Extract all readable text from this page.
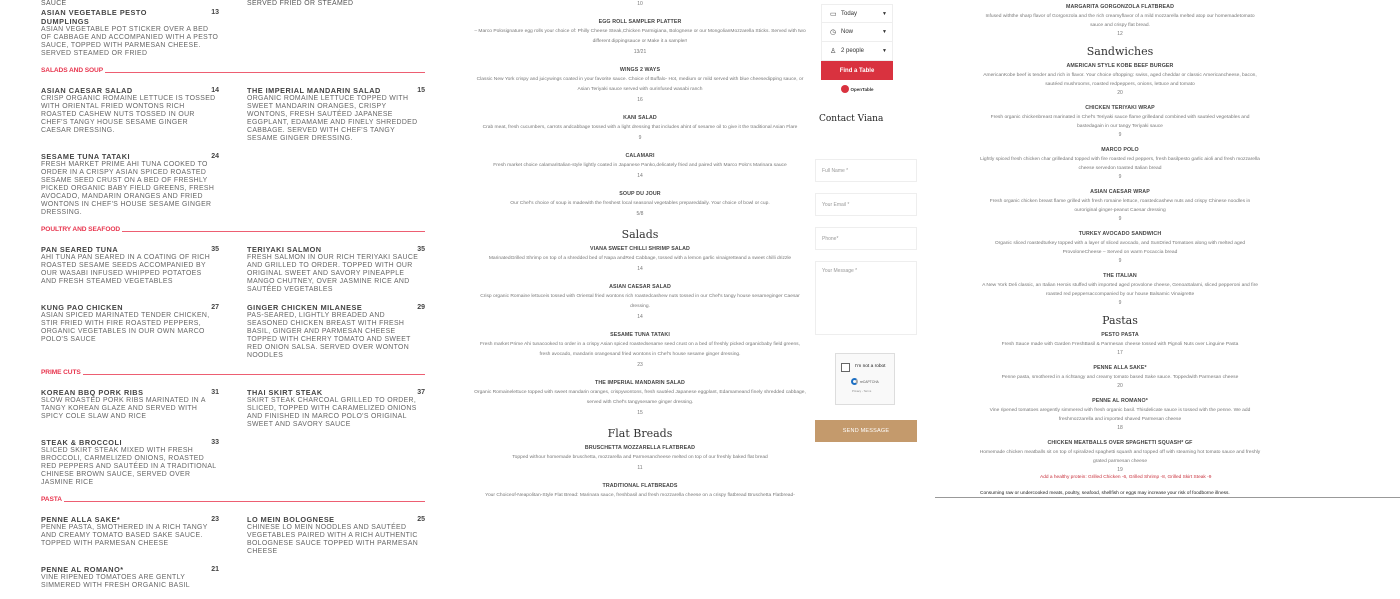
SAUCE	SERVED FRIED OR STEAMED
ASIAN VEGETABLE PESTO DUMPLINGS
13
ASIAN VEGETABLE POT STICKER OVER A BED OF CABBAGE AND ACCOMPANIED WITH A PESTO SAUCE, TOPPED WITH PARMESAN CHEESE. SERVED STEAMED OR FRIED
SALADS AND SOUP
ASIAN CAESAR SALAD	14
CRISP ORGANIC ROMAINE LETTUCE IS TOSSED WITH ORIENTAL FRIED WONTONS RICH ROASTED CASHEW NUTS TOSSED IN OUR CHEF'S TANGY HOUSE SESAME GINGER CAESAR DRESSING.
THE IMPERIAL MANDARIN SALAD	15
ORGANIC ROMAINE LETTUCE TOPPED WITH SWEET MANDARIN ORANGES, CRISPY WONTONS, FRESH SAUTÉED JAPANESE EGGPLANT, EDAMAME AND FINELY SHREDDED CABBAGE. SERVED WITH CHEF'S TANGY SESAME GINGER DRESSING.
SESAME TUNA TATAKI	24
FRESH MARKET PRIME AHI TUNA COOKED TO ORDER IN A CRISPY ASIAN SPICED ROASTED SESAME SEED CRUST ON A BED OF FRESHLY PICKED ORGANIC BABY FIELD GREENS, FRESH AVOCADO, MANDARIN ORANGES AND FRIED WONTONS IN CHEF'S HOUSE SESAME GINGER DRESSING.
POULTRY AND SEAFOOD
PAN SEARED TUNA	35
AHI TUNA PAN SEARED IN A COATING OF RICH ROASTED SESAME SEEDS ACCOMPANIED BY OUR WASABI INFUSED WHIPPED POTATOES AND FRESH STEAMED VEGETABLES
TERIYAKI SALMON	35
FRESH SALMON IN OUR RICH TERIYAKI SAUCE AND GRILLED TO ORDER. TOPPED WITH OUR ORIGINAL SWEET AND SAVORY PINEAPPLE MANGO CHUTNEY, OVER JASMINE RICE AND SAUTÉED VEGETABLES
KUNG PAO CHICKEN	27
ASIAN SPICED MARINATED TENDER CHICKEN, STIR FRIED WITH FIRE ROASTED PEPPERS, ORGANIC VEGETABLES IN OUR OWN MARCO POLO'S SAUCE
GINGER CHICKEN MILANESE	29
PAS-SEARED, LIGHTLY BREADED AND SEASONED CHICKEN BREAST WITH FRESH BASIL, GINGER AND PARMESAN CHEESE TOPPED WITH CHERRY TOMATO AND SWEET RED ONION SALSA. SERVED OVER WONTON NOODLES
PRIME CUTS
KOREAN BBQ PORK RIBS	31
SLOW ROASTED PORK RIBS MARINATED IN A TANGY KOREAN GLAZE AND SERVED WITH SPICY COLE SLAW AND RICE
THAI SKIRT STEAK	37
SKIRT STEAK CHARCOAL GRILLED TO ORDER, SLICED, TOPPED WITH CARAMELIZED ONIONS AND FINISHED IN MARCO POLO'S ORIGINAL SWEET AND SAVORY SAUCE
STEAK & BROCCOLI	33
SLICED SKIRT STEAK MIXED WITH FRESH BROCCOLI, CARMELIZED ONIONS, ROASTED RED PEPPERS AND SAUTÉED IN A TRADITIONAL CHINESE BROWN SAUCE, SERVED OVER JASMINE RICE
PASTA
PENNE ALLA SAKE*	23
PENNE PASTA, SMOTHERED IN A RICH TANGY AND CREAMY TOMATO BASED SAKE SAUCE. TOPPED WITH PARMESAN CHEESE
LO MEIN BOLOGNESE	25
CHINESE LO MEIN NOODLES AND SAUTÉED VEGETABLES PAIRED WITH A RICH AUTHENTIC BOLOGNESE SAUCE TOPPED WITH PARMESAN CHEESE
PENNE AL ROMANO*	21
VINE RIPENED TOMATOES ARE GENTLY SIMMERED WITH FRESH ORGANIC BASIL
10
EGG ROLL SAMPLER PLATTER
– Marco Polosignature egg rolls your choice of: Philly Cheese Steak,Chicken Parmigiana, Bolognese or our MongolianMozzarella Sticks. Served with two different dippingsauce or Make it a sampler!
13/21
WINGS 2 WAYS
Classic New York crispy and juicywings coated in your favorite sauce. Choice of Buffalo- Hot, medium or mild served with blue cheesedipping sauce, or Asian Teriyaki sauce served with ourinfused wasabi ranch
16
KANI SALAD
Crab meat, fresh cucumbers, carrots andcabbage tossed with a light dressing that includes ahint of sesame oil to give it the traditional Asian Flare
9
CALAMARI
Fresh market choice calamariItalian-style lightly coated in Japanese Panko,delicately fried and paired with Marco Polo's Marinara sauce
14
SOUP DU JOUR
Our Chef's choice of soup is madewith the freshest local seasonal vegetables prepareddaily. Your choice of bowl or cup.
5/8
Salads
VIANA SWEET CHILLI SHRIMP SALAD
MarinatedGrilled Shrimp on top of a shredded bed of Napa andRed Cabbage, tossed with a lemon garlic vinaigretteand a sweet chilli drizzle
14
ASIAN CAESAR SALAD
Crisp organic Romaine lettuceis tossed with Oriental fried wontons rich roastedcashew nuts tossed in our Chef's tangy house sesameginger Caesar dressing.
14
SESAME TUNA TATAKI
Fresh market Prime Ahi tunacooked to order in a crispy Asian spiced roastedsesame seed crust on a bed of freshly picked organicbaby field greens, fresh avocado, mandarin orangesand fried wontons in Chef's house sesame ginger dressing.
23
THE IMPERIAL MANDARIN SALAD
Organic Romainelettuce topped with sweet mandarin oranges, crispywontons, fresh sautéed Japanese eggplant, Edamameand finely shredded cabbage, served with Chef's tangysesame ginger dressing.
15
Flat Breads
BRUSCHETTA MOZZARELLA FLATBREAD
Topped withour homemade bruschetta, mozzarella and Parmesancheese melted on top of our freshly baked flat bread
11
TRADITIONAL FLATBREADS
Your Choiceof-Neapolitan-Style Flat Bread: Marinara sauce, freshbasil and fresh mozzarella cheese on a crispy flatbread Bruschetta Flatbread-
▭ Today	▼
◷ Now	▼
♙ 2 people	▼
Find a Table
OpenTable
Contact Viana
Full Name *
Your Email *
Phone*
Your Message *
I'm not a robot
reCAPTCHA
Privacy - Terms
SEND MESSAGE
MARGARITA GORGONZOLA FLATBREAD
Infused withthe sharp flavor of Gorgonzola and the rich creamyflavor of a mild mozzarella melted atop our homemadetomato sauce and crispy flat bread.
12
Sandwiches
AMERICAN STYLE KOBE BEEF BURGER
AmericanKobe beef is tender and rich in flavor. Your choice oftopping: swiss, aged cheddar or classic Americancheese, bacon, sautéed mushrooms, roasted redpeppers, onions, lettuce and tomato
20
CHICKEN TERIYAKI WRAP
Fresh organic chickenbreast marinated in Chef's Teriyaki sauce flame grilledand combined with sautéed vegetables and bastedagain in our tangy Teriyaki sauce
9
MARCO POLO
Lightly spiced fresh chicken char grilledand topped with fire roasted red peppers, fresh basilpesto garlic aioli and fresh mozzarella cheese servedon toasted Italian bread
9
ASIAN CAESAR WRAP
Fresh organic chicken breast flame grilled with fresh romaine lettuce, roastedcashew nuts and crispy Chinese noodles in ouroriginal ginger-peanut Caesar dressing
9
TURKEY AVOCADO SANDWICH
Organic sliced roastedturkey topped with a layer of sliced avocado, and SunDried Tomatoes along with melted aged ProvoloneCheese – Served on warm Focaccia bread
9
THE ITALIAN
A New York Deli classic, an Italian Herois stuffed with imported aged provolone cheese, GenoaSalami, sliced pepperoni and fire roasted red peppersaccompanied by our house Balsamic Vinaigrette
9
Pastas
PESTO PASTA
Fresh Sauce made with Garden FreshBasil & Parmesan cheese tossed with Pignoli Nuts over Linguine Pasta
17
PENNE ALLA SAKE*
Penne pasta, smothered in a richtangy and creamy tomato based Sake sauce. Toppedwith Parmesan cheese
20
PENNE AL ROMANO*
Vine ripened tomatoes aregently simmered with fresh organic basil. Thisdelicate sauce is tossed with the penne. We add freshmozzarella and imported shaved Parmesan cheese
18
CHICKEN MEATBALLS OVER SPAGHETTI SQUASH* GF
Homemade chicken meatballs sit on top of spiralized spaghetti squash and topped off with steaming hot tomato sauce and freshly grated parmesan cheese
19
Add a healthy protein: Grilled Chicken -6, Grilled Shrimp -8, Grilled Skirt Steak -9
Consuming raw or undercooked meats, poultry, seafood, shellfish or eggs may increase your risk of foodborne illness.
